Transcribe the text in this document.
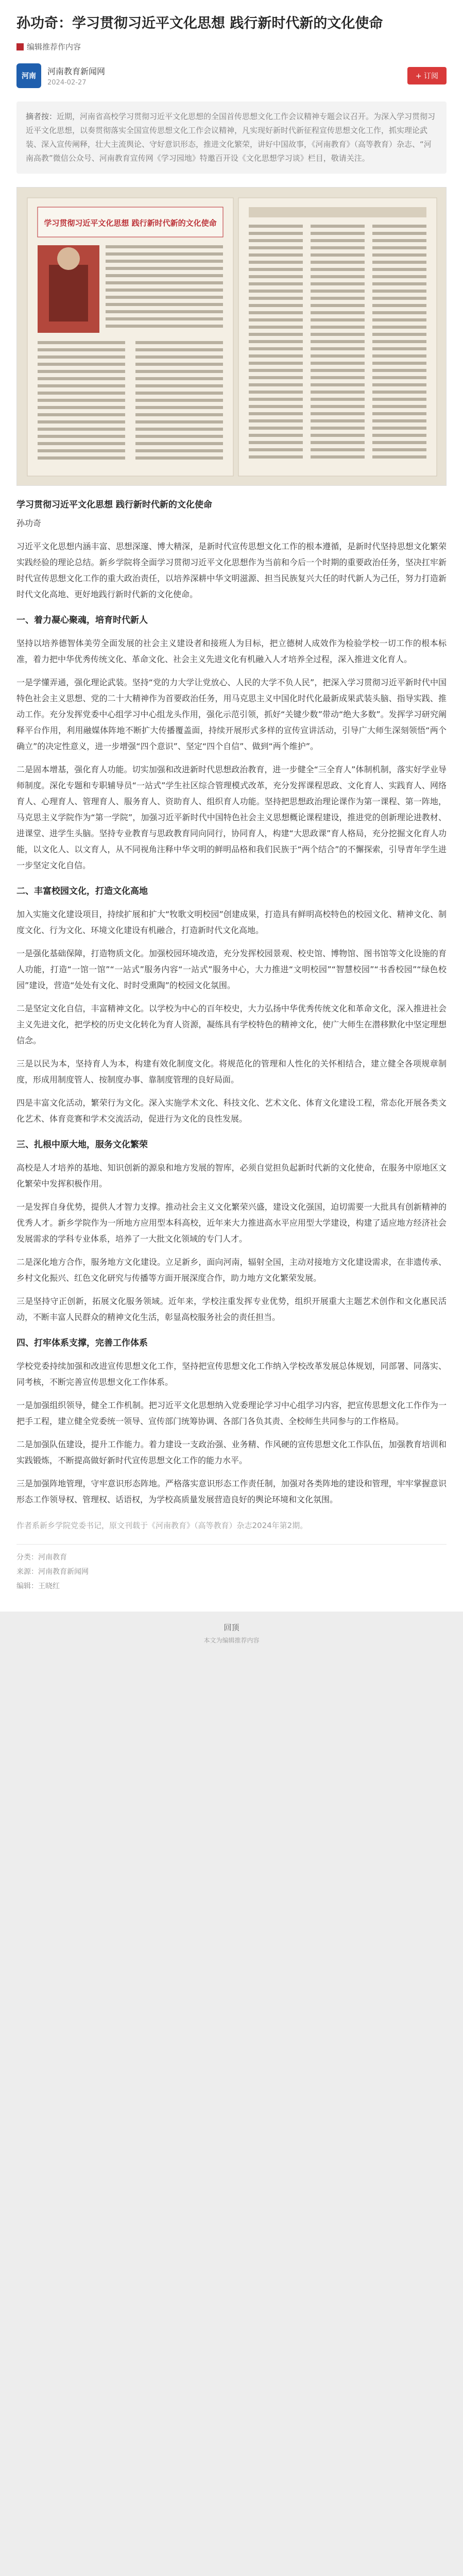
孙功奇：学习贯彻习近平文化思想 践行新时代新的文化使命
编辑推荐作内容
河南	河南教育新闻网
2024-02-27
+ 订阅
摘者按：近期，河南省高校学习贯彻习近平文化思想的全国首传思想文化工作会议精神专题会议召开。为深入学习贯彻习近平文化思想，以奏贯彻落实全国宣传思想文化工作会议精神，凡实现好新时代新征程宣传思想文化工作，抓实理论武装、深入宣传阐释，壮大主流舆论、守好意识形态，推进文化繁荣，讲好中国故事，《河南教育》（高等教育）杂志、“河南高教”微信公众号、河南教育宣传网《学习园地》特邀百开设《文化思想学习谈》栏目，敬请关注。
学习贯彻习近平文化思想 践行新时代新的文化使命
学习贯彻习近平文化思想 践行新时代新的文化使命
孙功奇

习近平文化思想内涵丰富、思想深邃、博大精深，是新时代宣传思想文化工作的根本遵循，是新时代坚持思想文化繁荣实践经验的理论总结。新乡学院将全面学习贯彻习近平文化思想作为当前和今后一个时期的重要政治任务，坚决扛牢新时代宣传思想文化工作的重大政治责任，以培养深耕中华文明滋源、担当民族复兴大任的时代新人为己任，努力打造新时代文化高地、更好地践行新时代新的文化使命。

一、着力凝心聚魂，培育时代新人

坚持以培养德智体美劳全面发展的社会主义建设者和接班人为目标，把立德树人成效作为检验学校一切工作的根本标准，着力把中华优秀传统文化、革命文化、社会主义先进文化有机融入人才培养全过程，深入推进文化育人。

一是学懂弄通，强化理论武装。坚持“党的力大学让党放心、人民的大学不负人民”，把深入学习贯彻习近平新时代中国特色社会主义思想、党的二十大精神作为首要政治任务，用马克思主义中国化时代化最新成果武装头脑、指导实践、推动工作。充分发挥党委中心组学习中心组龙头作用，强化示范引领，抓好“关键少数”带动“绝大多数”。发挥学习研究阐释平台作用，利用融媒体阵地不断扩大传播覆盖面，持续开展形式多样的宣传宣讲活动，引导广大师生深刻领悟“两个确立”的决定性意义，进一步增强“四个意识”、坚定“四个自信”、做到“两个维护”。

二是固本增基，强化育人功能。切实加强和改进新时代思想政治教育，进一步健全“三全育人”体制机制，落实好学业导师制度。深化专题和专职辅导员“一站式”学生社区综合管理模式改革，充分发挥课程思政、文化育人、实践育人、网络育人、心理育人、管理育人、服务育人、资助育人、组织育人功能。坚持把思想政治理论课作为第一课程、第一阵地，马克思主义学院作为“第一学院”，加强习近平新时代中国特色社会主义思想概论课程建设，推进党的创新理论进教材、进课堂、进学生头脑。坚持专业教育与思政教育同向同行，协同育人，构建“大思政课”育人格局，充分挖掘文化育人功能，以文化人、以文育人，从不同视角注释中华文明的鲜明品格和我们民族于“两个结合”的不懈探索，引导青年学生进一步坚定文化自信。

二、丰富校园文化，打造文化高地

加入实施文化建设项目，持续扩展和扩大“牧歌文明校园”创建成果，打造具有鲜明高校特色的校园文化、精神文化、制度文化、行为文化、环境文化建设有机融合，打造新时代文化高地。

一是强化基础保障，打造物质文化。加强校园环境改造，充分发挥校园景观、校史馆、博物馆、图书馆等文化设施的育人功能，打造“一馆一馆”“一站式”服务内容“一站式”服务中心，大力推进“文明校园”“智慧校园”“书香校园”“绿色校园”建设，营造“处处有文化、时时受熏陶”的校园文化氛围。

二是坚定文化自信，丰富精神文化。以学校为中心的百年校史，大力弘扬中华优秀传统文化和革命文化，深入推进社会主义先进文化，把学校的历史文化转化为育人资源，凝练具有学校特色的精神文化，使广大师生在潜移默化中坚定理想信念。

三是以民为本，坚持育人为本，构建有效化制度文化。将规范化的管理和人性化的关怀相结合，建立健全各项规章制度，形成用制度管人、按制度办事、靠制度管理的良好局面。

四是丰富文化活动，繁荣行为文化。深入实施学术文化、科技文化、艺术文化、体育文化建设工程，常态化开展各类文化艺术、体育竞赛和学术交流活动，促进行为文化的良性发展。

三、扎根中原大地，服务文化繁荣

高校是人才培养的基地、知识创新的源泉和地方发展的智库，必须自觉担负起新时代新的文化使命，在服务中原地区文化繁荣中发挥积极作用。

一是发挥自身优势，提供人才智力支撑。推动社会主义文化繁荣兴盛，建设文化强国，迫切需要一大批具有创新精神的优秀人才。新乡学院作为一所地方应用型本科高校，近年来大力推进高水平应用型大学建设，构建了适应地方经济社会发展需求的学科专业体系，培养了一大批文化领域的专门人才。

二是深化地方合作，服务地方文化建设。立足新乡，面向河南，辐射全国，主动对接地方文化建设需求，在非遗传承、乡村文化振兴、红色文化研究与传播等方面开展深度合作，助力地方文化繁荣发展。

三是坚持守正创新，拓展文化服务领域。近年来，学校注重发挥专业优势，组织开展重大主题艺术创作和文化惠民活动，不断丰富人民群众的精神文化生活，彰显高校服务社会的责任担当。

四、打牢体系支撑，完善工作体系

学校党委持续加强和改进宣传思想文化工作，坚持把宣传思想文化工作纳入学校改革发展总体规划，同部署、同落实、同考核，不断完善宣传思想文化工作体系。

一是加强组织领导，健全工作机制。把习近平文化思想纳入党委理论学习中心组学习内容，把宣传思想文化工作作为一把手工程，建立健全党委统一领导、宣传部门统筹协调、各部门各负其责、全校师生共同参与的工作格局。

二是加强队伍建设，提升工作能力。着力建设一支政治强、业务精、作风硬的宣传思想文化工作队伍，加强教育培训和实践锻炼，不断提高做好新时代宣传思想文化工作的能力水平。

三是加强阵地管理，守牢意识形态阵地。严格落实意识形态工作责任制，加强对各类阵地的建设和管理，牢牢掌握意识形态工作领导权、管理权、话语权，为学校高质量发展营造良好的舆论环境和文化氛围。

作者系新乡学院党委书记，原文刊载于《河南教育》（高等教育）杂志2024年第2期。

分类：河南教育
来源：河南教育新闻网
编辑：王晓红
回顶
本文为编辑推荐内容
